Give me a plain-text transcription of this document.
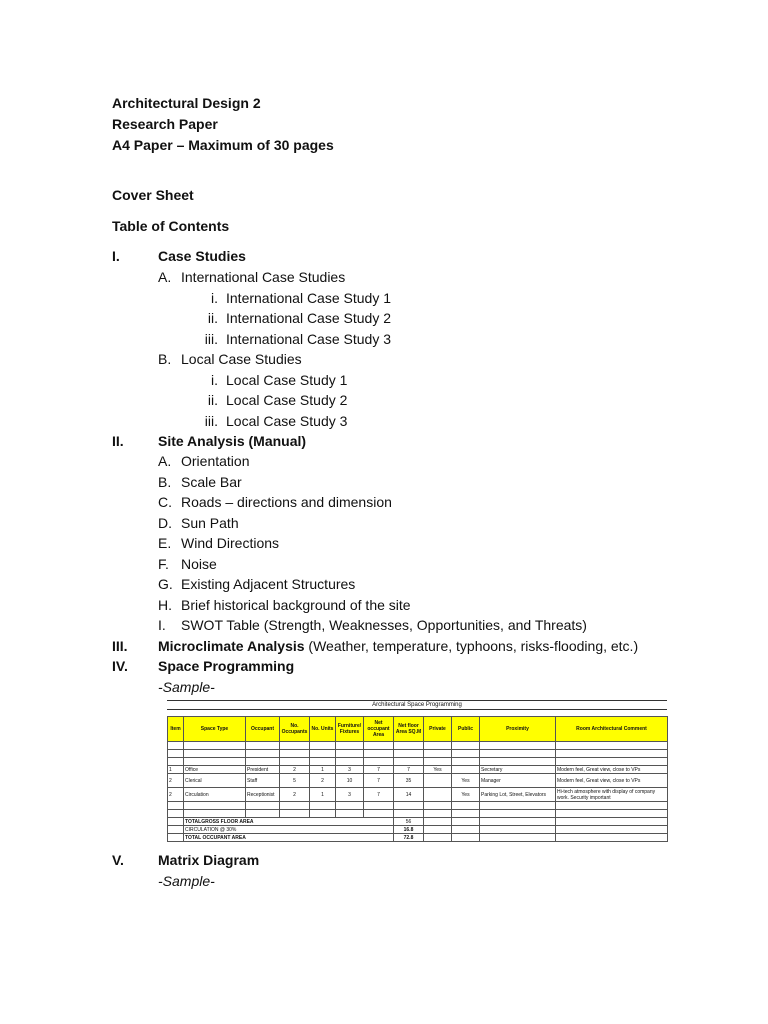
Architectural Design 2
Research Paper
A4 Paper – Maximum of 30 pages
Cover Sheet
Table of Contents
I.	Case Studies
A. International Case Studies
i. International Case Study 1
ii. International Case Study 2
iii. International Case Study 3
B. Local Case Studies
i. Local Case Study 1
ii. Local Case Study 2
iii. Local Case Study 3
II. Site Analysis (Manual)
A. Orientation
B. Scale Bar
C. Roads – directions and dimension
D. Sun Path
E. Wind Directions
F. Noise
G. Existing Adjacent Structures
H. Brief historical background of the site
I. SWOT Table (Strength, Weaknesses, Opportunities, and Threats)
III. Microclimate Analysis (Weather, temperature, typhoons, risks-flooding, etc.)
IV. Space Programming
-Sample-
Architectural Space Programming
Item	Space Type	Occupant	No. Occupants	No. Units	Furniture/ Fixtures	Net occupant Area	Net floor Area SQ.M	Private	Public	Proximity	Room Architectural Comment

1	Office	President	2	1	3	7	7	Yes		Secretary	Modern feel, Great view, close to VPs
2	Clerical	Staff	5	2	10	7	35		Yes	Manager	Modern feel, Great view, close to VPs
2	Circulation	Receptionist	2	1	3	7	14		Yes	Parking Lot, Street, Elevators	Hi-tech atmosphere with display of company work. Security important

	TOTALGROSS FLOOR AREA						56				
	CIRCULATION @ 30%						16.8				
	TOTAL OCCUPANT AREA						72.8				
V. Matrix Diagram
-Sample-
